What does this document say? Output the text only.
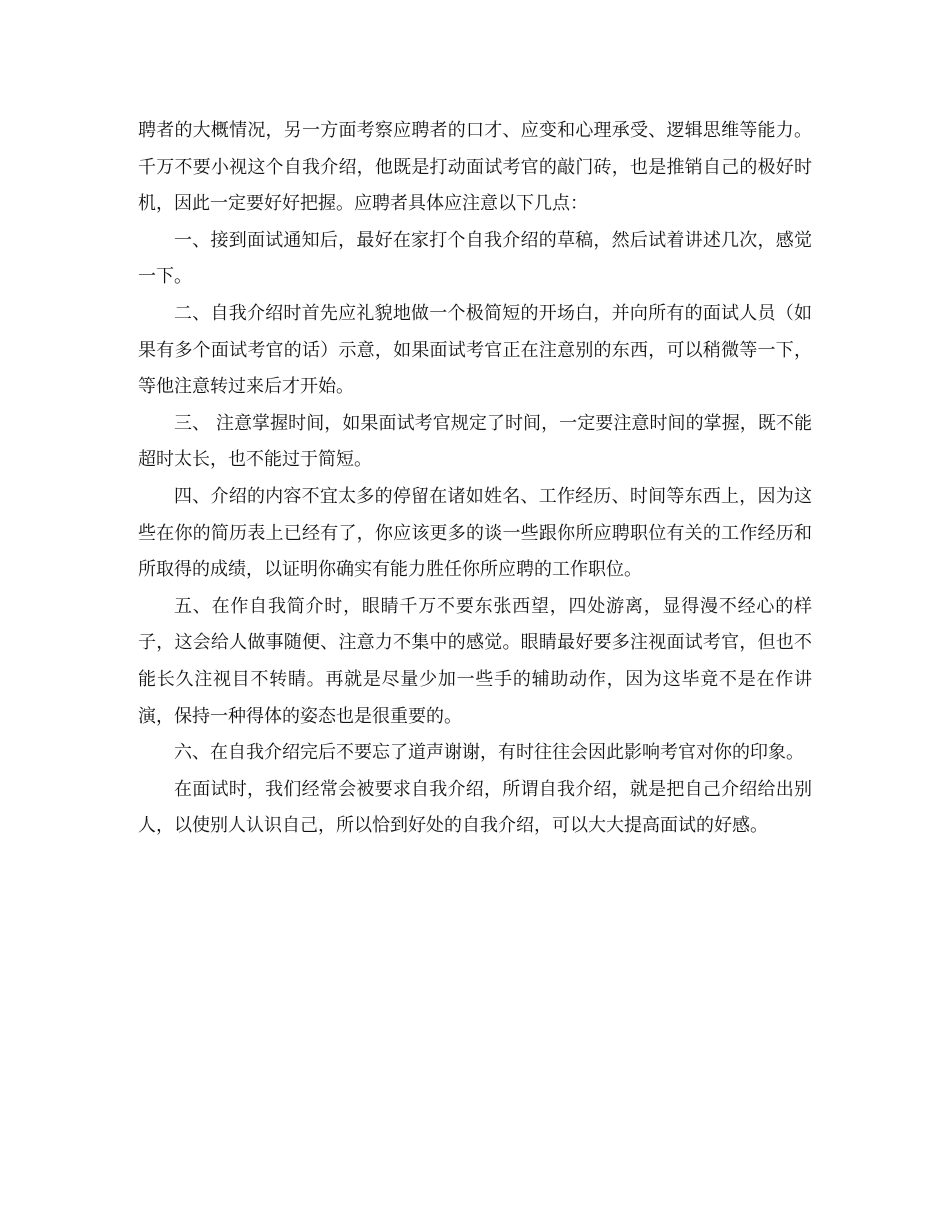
聘者的大概情况，另一方面考察应聘者的口才、应变和心理承受、逻辑思维等能力。千万不要小视这个自我介绍，他既是打动面试考官的敲门砖，也是推销自己的极好时机，因此一定要好好把握。应聘者具体应注意以下几点：

一、接到面试通知后，最好在家打个自我介绍的草稿，然后试着讲述几次，感觉一下。

二、自我介绍时首先应礼貌地做一个极简短的开场白，并向所有的面试人员（如果有多个面试考官的话）示意，如果面试考官正在注意别的东西，可以稍微等一下，等他注意转过来后才开始。

三、 注意掌握时间，如果面试考官规定了时间，一定要注意时间的掌握，既不能超时太长，也不能过于简短。

四、介绍的内容不宜太多的停留在诸如姓名、工作经历、时间等东西上，因为这些在你的简历表上已经有了，你应该更多的谈一些跟你所应聘职位有关的工作经历和所取得的成绩，以证明你确实有能力胜任你所应聘的工作职位。

五、在作自我简介时，眼睛千万不要东张西望，四处游离，显得漫不经心的样子，这会给人做事随便、注意力不集中的感觉。眼睛最好要多注视面试考官，但也不能长久注视目不转睛。再就是尽量少加一些手的辅助动作，因为这毕竟不是在作讲演，保持一种得体的姿态也是很重要的。

六、在自我介绍完后不要忘了道声谢谢，有时往往会因此影响考官对你的印象。

在面试时，我们经常会被要求自我介绍，所谓自我介绍，就是把自己介绍给出别人，以使别人认识自己，所以恰到好处的自我介绍，可以大大提高面试的好感。
